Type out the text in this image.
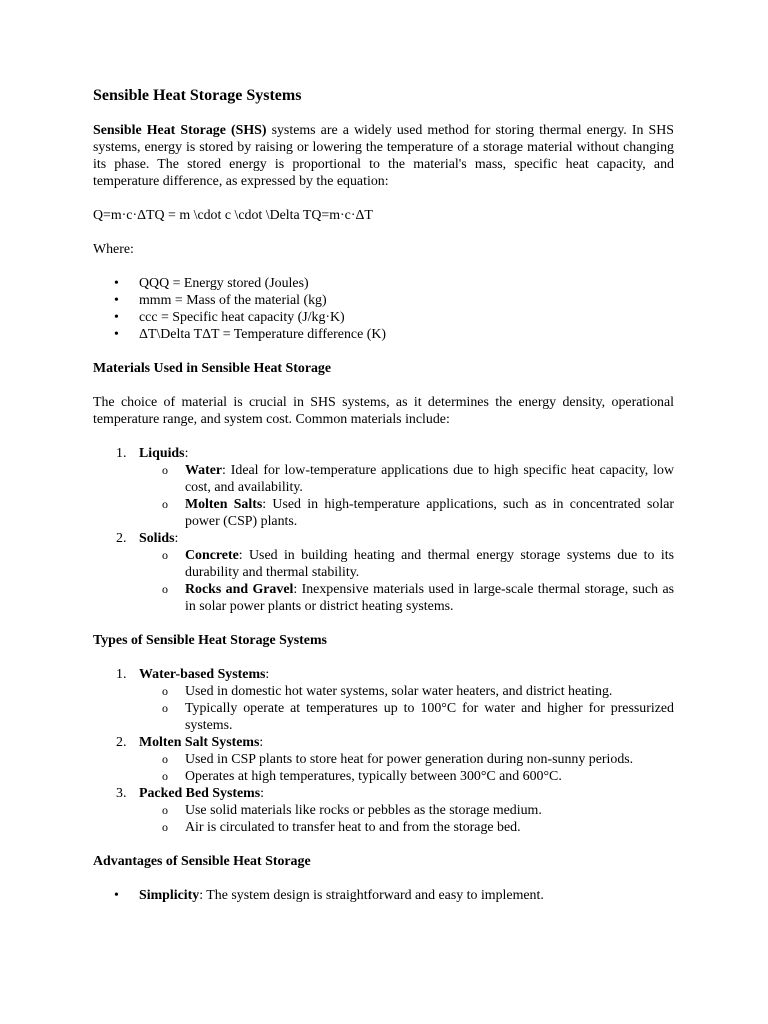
Sensible Heat Storage Systems

Sensible Heat Storage (SHS) systems are a widely used method for storing thermal energy. In SHS systems, energy is stored by raising or lowering the temperature of a storage material without changing its phase. The stored energy is proportional to the material's mass, specific heat capacity, and temperature difference, as expressed by the equation:

Q=m·c·ΔTQ = m \cdot c \cdot \Delta TQ=m·c·ΔT

Where:

• QQQ = Energy stored (Joules)
• mmm = Mass of the material (kg)
• ccc = Specific heat capacity (J/kg·K)
• ΔT\Delta TΔT = Temperature difference (K)
Materials Used in Sensible Heat Storage

The choice of material is crucial in SHS systems, as it determines the energy density, operational temperature range, and system cost. Common materials include:

1. Liquids:
o Water: Ideal for low-temperature applications due to high specific heat capacity, low cost, and availability.
o Molten Salts: Used in high-temperature applications, such as in concentrated solar power (CSP) plants.
2. Solids:
o Concrete: Used in building heating and thermal energy storage systems due to its durability and thermal stability.
o Rocks and Gravel: Inexpensive materials used in large-scale thermal storage, such as in solar power plants or district heating systems.
Types of Sensible Heat Storage Systems
1. Water-based Systems:
o Used in domestic hot water systems, solar water heaters, and district heating.
o Typically operate at temperatures up to 100°C for water and higher for pressurized systems.
2. Molten Salt Systems:
o Used in CSP plants to store heat for power generation during non-sunny periods.
o Operates at high temperatures, typically between 300°C and 600°C.
3. Packed Bed Systems:
o Use solid materials like rocks or pebbles as the storage medium.
o Air is circulated to transfer heat to and from the storage bed.
Advantages of Sensible Heat Storage
• Simplicity: The system design is straightforward and easy to implement.
